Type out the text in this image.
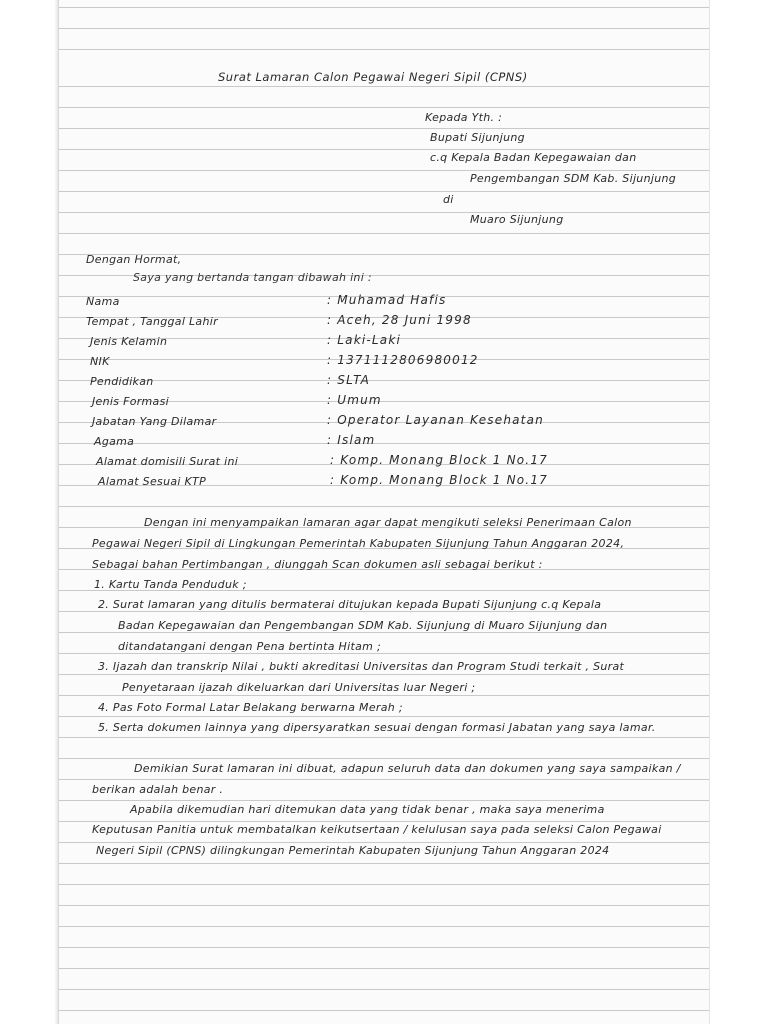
Surat Lamaran Calon Pegawai Negeri Sipil (CPNS)
Kepada Yth. :
Bupati Sijunjung
c.q Kepala Badan Kepegawaian dan
Pengembangan SDM Kab. Sijunjung
di
Muaro Sijunjung
Dengan Hormat,
Saya yang bertanda tangan dibawah ini :
Nama	: Muhamad Hafis
Tempat , Tanggal Lahir	: Aceh, 28 Juni 1998
Jenis Kelamin	: Laki-Laki
NIK	: 1371112806980012
Pendidikan	: SLTA
Jenis Formasi	: Umum
Jabatan Yang Dilamar	: Operator Layanan Kesehatan
Agama	: Islam
Alamat domisili Surat ini	: Komp. Monang Block 1 No.17
Alamat Sesuai KTP	: Komp. Monang Block 1 No.17
Dengan ini menyampaikan lamaran agar dapat mengikuti seleksi Penerimaan Calon
Pegawai Negeri Sipil di Lingkungan Pemerintah Kabupaten Sijunjung Tahun Anggaran 2024,
Sebagai bahan Pertimbangan , diunggah Scan dokumen asli sebagai berikut :
1. Kartu Tanda Penduduk ;
2. Surat lamaran yang ditulis bermaterai ditujukan kepada Bupati Sijunjung c.q Kepala
Badan Kepegawaian dan Pengembangan SDM Kab. Sijunjung di Muaro Sijunjung dan
ditandatangani dengan Pena bertinta Hitam ;
3. Ijazah dan transkrip Nilai , bukti akreditasi Universitas dan Program Studi terkait , Surat
Penyetaraan ijazah dikeluarkan dari Universitas luar Negeri ;
4. Pas Foto Formal Latar Belakang berwarna Merah ;
5. Serta dokumen lainnya yang dipersyaratkan sesuai dengan formasi Jabatan yang saya lamar.
Demikian Surat lamaran ini dibuat, adapun seluruh data dan dokumen yang saya sampaikan /
berikan adalah benar .
Apabila dikemudian hari ditemukan data yang tidak benar , maka saya menerima
Keputusan Panitia untuk membatalkan keikutsertaan / kelulusan saya pada seleksi Calon Pegawai
Negeri Sipil (CPNS) dilingkungan Pemerintah Kabupaten Sijunjung Tahun Anggaran 2024
